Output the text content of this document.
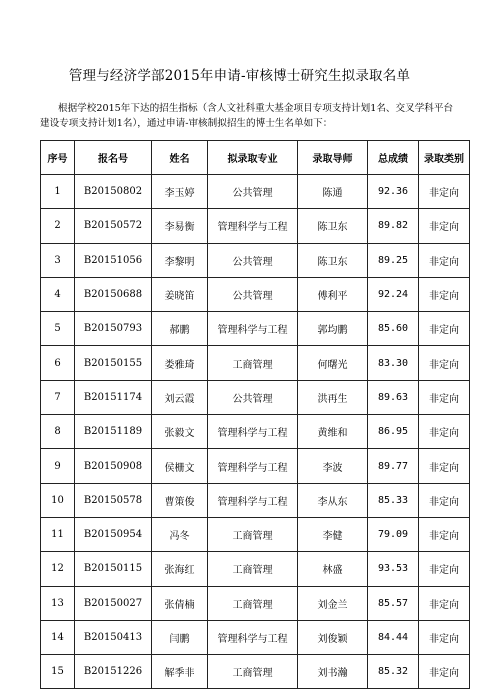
管理与经济学部2015年申请-审核博士研究生拟录取名单
根据学校2015年下达的招生指标（含人文社科重大基金项目专项支持计划1名、交叉学科平台建设专项支持计划1名），通过申请-审核制拟招生的博士生名单如下：
序号	报名号	姓名	拟录取专业	录取导师	总成绩	录取类别
1	B20150802	李玉婷	公共管理	陈通	92.36	非定向
2	B20150572	李易衡	管理科学与工程	陈卫东	89.82	非定向
3	B20151056	李黎明	公共管理	陈卫东	89.25	非定向
4	B20150688	姜晓笛	公共管理	傅利平	92.24	非定向
5	B20150793	郝鹏	管理科学与工程	郭均鹏	85.60	非定向
6	B20150155	娄雅琦	工商管理	何曙光	83.30	非定向
7	B20151174	刘云霞	公共管理	洪再生	89.63	非定向
8	B20151189	张毅文	管理科学与工程	黄维和	86.95	非定向
9	B20150908	侯栅文	管理科学与工程	李波	89.77	非定向
10	B20150578	曹策俊	管理科学与工程	李从东	85.33	非定向
11	B20150954	冯冬	工商管理	李健	79.09	非定向
12	B20150115	张海红	工商管理	林盛	93.53	非定向
13	B20150027	张倩楠	工商管理	刘金兰	85.57	非定向
14	B20150413	闫鹏	管理科学与工程	刘俊颖	84.44	非定向
15	B20151226	解季非	工商管理	刘书瀚	85.32	非定向
